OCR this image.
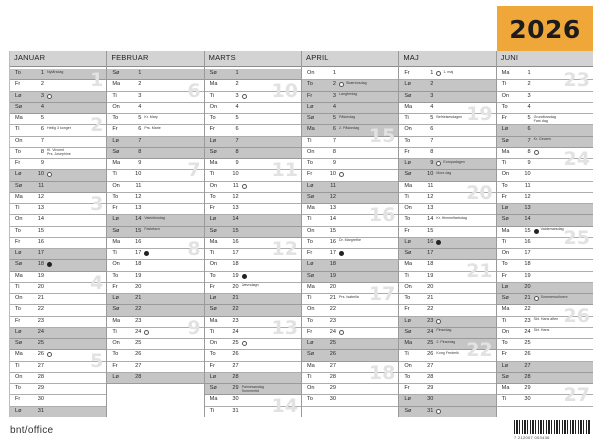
2026
JANUAR
To	1 Nytårsdag
Fr	2
Lø	3
Sø	4
Ma	5
Ti	6 Hellig 3 konger
On	7
To	8 Kl. Vincent
Prs. Josephine
Fr	9
Lø	10
Sø	11
Ma	12
Ti	13
On	14
To	15
Fr	16
Lø	17
Sø	18
Ma	19
Ti	20
On	21
To	22
Fr	23
Lø	24
Sø	25
Ma	26
Ti	27
On	28
To	29
Fr	30
Lø	31
1
2
3
4
5
FEBRUAR
Sø	1
Ma	2
Ti	3
On	4
To	5 Kr. Mary
Fr	6 Prs. Marie
Lø	7
Sø	8
Ma	9
Ti	10
On	11
To	12
Fr	13
Lø	14 Valentinsdag
Sø	15 Fastelavn
Ma	16
Ti	17
On	18
To	19
Fr	20
Lø	21
Sø	22
Ma	23
Ti	24
On	25
To	26
Fr	27
Lø	28
6
7
8
9
MARTS
Sø	1
Ma	2
Ti	3
On	4
To	5
Fr	6
Lø	7
Sø	8
Ma	9
Ti	10
On	11
To	12
Fr	13
Lø	14
Sø	15
Ma	16
Ti	17
On	18
To	19
Fr	20 Jævndøgn
Lø	21
Sø	22
Ma	23
Ti	24
On	25
To	26
Fr	27
Lø	28
Sø	29 Palmesøndag
Sommertid
Ma	30
Ti	31
10
11
12
13
14
APRIL
On	1
To	2	Skærtorsdag
Fr	3 Langfredag
Lø	4
Sø	5 Påskedag
Ma	6 2. Påskedag
Ti	7
On	8
To	9
Fr	10
Lø	11
Sø	12
Ma	13
Ti	14
On	15
To	16 Dr. Margrethe
Fr	17
Lø	18
Sø	19
Ma	20
Ti	21 Prs. Isabella
On	22
To	23
Fr	24
Lø	25
Sø	26
Ma	27
Ti	28
On	29
To	30
15
16
17
18
MAJ
Fr	1	1. maj
Lø	2
Sø	3
Ma	4
Ti	5 Befrielsesdagen
On	6
To	7
Fr	8
Lø	9	Europadagen
Sø	10 Mors dag
Ma	11
Ti	12
On	13
To	14 Kr. Himmelfartsdag
Fr	15
Lø	16
Sø	17
Ma	18
Ti	19
On	20
To	21
Fr	22
Lø	23
Sø	24 Pinsedag
Ma	25 2. Pinsedag
Ti	26 Kong Frederik
On	27
To	28
Fr	29
Lø	30
Sø	31
19
20
21
22
JUNI
Ma	1
Ti	2
On	3
To	4
Fr	5 Grundlovsdag
Fars dag
Lø	6
Sø	7 Kr. Gearen
Ma	8
Ti	9
On	10
To	11
Fr	12
Lø	13
Sø	14
Ma	15	Valdemarsdag
Ti	16
On	17
To	18
Fr	19
Lø	20
Sø	21	Sommersolhverv
Ma	22
Ti	23 Skt. Hans aften
On	24 Skt. Hans
To	25
Fr	26
Lø	27
Sø	28
Ma	29
Ti	30
23
24
25
26
27
bnt/office
7 212007 003436
